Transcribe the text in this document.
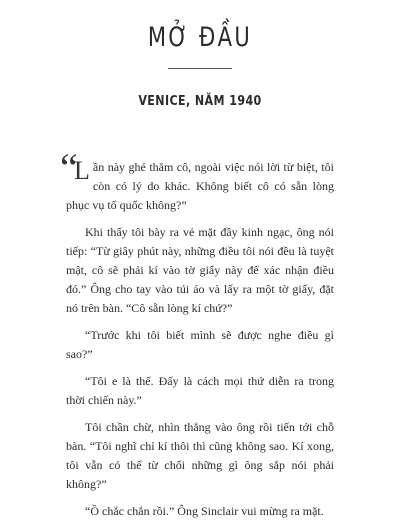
MỞ ĐẦU
VENICE, NĂM 1940
“

Lần này ghé thăm cô, ngoài việc nói lời từ biệt, tôi còn có lý do khác. Không biết cô có sẵn lòng phục vụ tổ quốc không?”

Khi thấy tôi bày ra vẻ mặt đầy kinh ngạc, ông nói tiếp: “Từ giây phút này, những điều tôi nói đều là tuyệt mật, cô sẽ phải kí vào tờ giấy này để xác nhận điều đó.” Ông cho tay vào túi áo và lấy ra một tờ giấy, đặt nó trên bàn. “Cô sẵn lòng kí chứ?”

“Trước khi tôi biết mình sẽ được nghe điều gì sao?”

“Tôi e là thế. Đấy là cách mọi thứ diễn ra trong thời chiến này.”

Tôi chần chừ, nhìn thẳng vào ông rồi tiến tới chỗ bàn. “Tôi nghĩ chỉ kí thôi thì cũng không sao. Kí xong, tôi vẫn có thể từ chối những gì ông sắp nói phải không?”

“Ồ chắc chắn rồi.” Ông Sinclair vui mừng ra mặt.
